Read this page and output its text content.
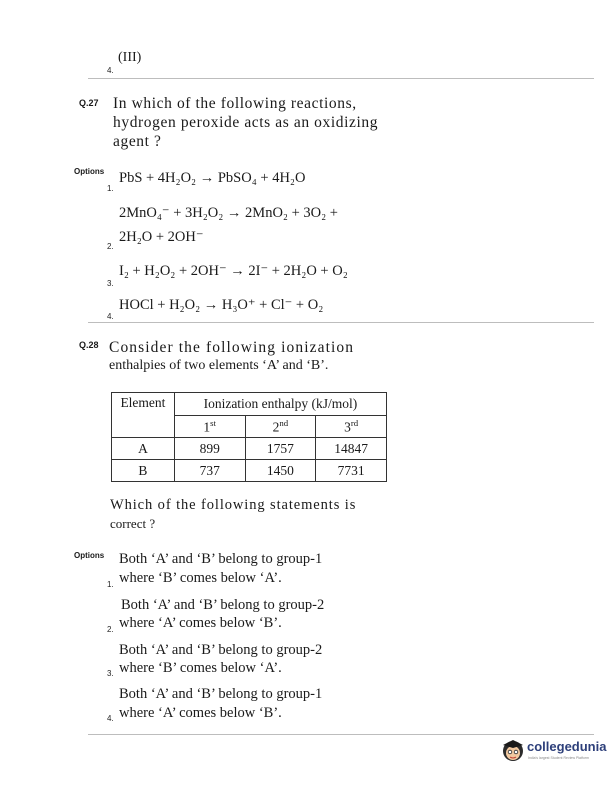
4.
(III)
Q.27 In which of the following reactions,
hydrogen peroxide acts as an oxidizing
agent ?
Options
1.
PbS + 4H₂O₂ → PbSO₄ + 4H₂O
2MnO₄⁻ + 3H₂O₂ → 2MnO₂ + 3O₂ +
2.
2H₂O + 2OH⁻
3.
I₂ + H₂O₂ + 2OH⁻ → 2I⁻ + 2H₂O + O₂
4.
HOCl + H₂O₂ → H₃O⁺ + Cl⁻ + O₂
Q.28 Consider the following ionization
enthalpies of two elements ‘A’ and ‘B’.
Element	Ionization enthalpy (kJ/mol)		
	1st	2nd	3rd
A	899	1757	14847
B	737	1450	7731
Which of the following statements is
correct ?
Options Both ‘A’ and ‘B’ belong to group-1
1. where ‘B’ comes below ‘A’.
Both ‘A’ and ‘B’ belong to group-2
2. where ‘A’ comes below ‘B’.
Both ‘A’ and ‘B’ belong to group-2
3. where ‘B’ comes below ‘A’.
Both ‘A’ and ‘B’ belong to group-1
4. where ‘A’ comes below ‘B’.
collegedunia
India's largest Student Review Platform
